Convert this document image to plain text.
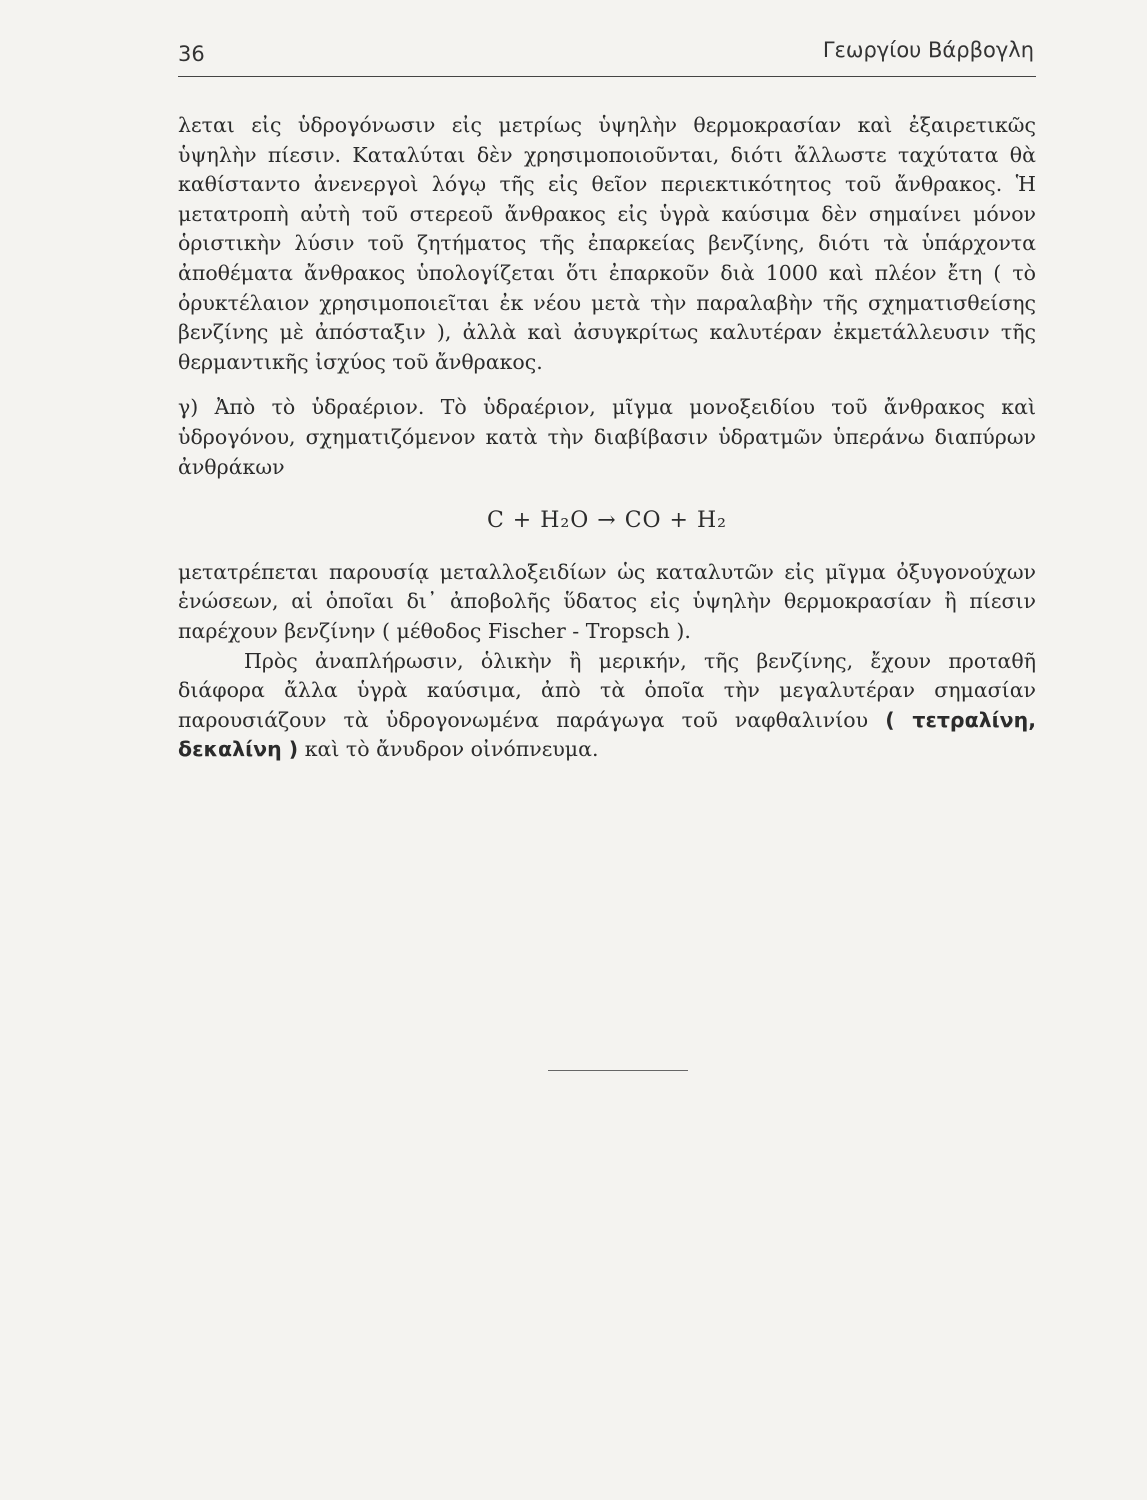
36	Γεωργίου Βάρβογλη

λεται εἰς ὑδρογόνωσιν εἰς μετρίως ὑψηλὴν θερμοκρασίαν καὶ ἐξαιρετικῶς ὑψηλὴν πίεσιν. Καταλύται δὲν χρησιμοποιοῦνται, διότι ἄλλωστε ταχύτατα θὰ καθίσταντο ἀνενεργοὶ λόγῳ τῆς εἰς θεῖον περιεκτικότητος τοῦ ἄνθρακος. Ἡ μετατροπὴ αὐτὴ τοῦ στερεοῦ ἄνθρακος εἰς ὑγρὰ καύσιμα δὲν σημαίνει μόνον ὁριστικὴν λύσιν τοῦ ζητήματος τῆς ἐπαρκείας βενζίνης, διότι τὰ ὑπάρχοντα ἀποθέματα ἄνθρακος ὑπολογίζεται ὅτι ἐπαρκοῦν διὰ 1000 καὶ πλέον ἔτη ( τὸ ὀρυκτέλαιον χρησιμοποιεῖται ἐκ νέου μετὰ τὴν παραλαβὴν τῆς σχηματισθείσης βενζίνης μὲ ἀπόσταξιν ), ἀλλὰ καὶ ἀσυγκρίτως καλυτέραν ἐκμετάλλευσιν τῆς θερμαντικῆς ἰσχύος τοῦ ἄνθρακος.

γ) Ἀπὸ τὸ ὑδραέριον. Τὸ ὑδραέριον, μῖγμα μονοξειδίου τοῦ ἄνθρακος καὶ ὑδρογόνου, σχηματιζόμενον κατὰ τὴν διαβίβασιν ὑδρατμῶν ὑπεράνω διαπύρων ἀνθράκων

C + H₂O → CO + H₂

μετατρέπεται παρουσίᾳ μεταλλοξειδίων ὡς καταλυτῶν εἰς μῖγμα ὀξυγονούχων ἑνώσεων, αἱ ὁποῖαι δι᾽ ἀποβολῆς ὕδατος εἰς ὑψηλὴν θερμοκρασίαν ἢ πίεσιν παρέχουν βενζίνην ( μέθοδος Fischer - Tropsch ).

Πρὸς ἀναπλήρωσιν, ὁλικὴν ἢ μερικήν, τῆς βενζίνης, ἔχουν προταθῆ διάφορα ἄλλα ὑγρὰ καύσιμα, ἀπὸ τὰ ὁποῖα τὴν μεγαλυτέραν σημασίαν παρουσιάζουν τὰ ὑδρογονωμένα παράγωγα τοῦ ναφθαλινίου ( τετραλίνη, δεκαλίνη ) καὶ τὸ ἄνυδρον οἰνόπνευμα.
